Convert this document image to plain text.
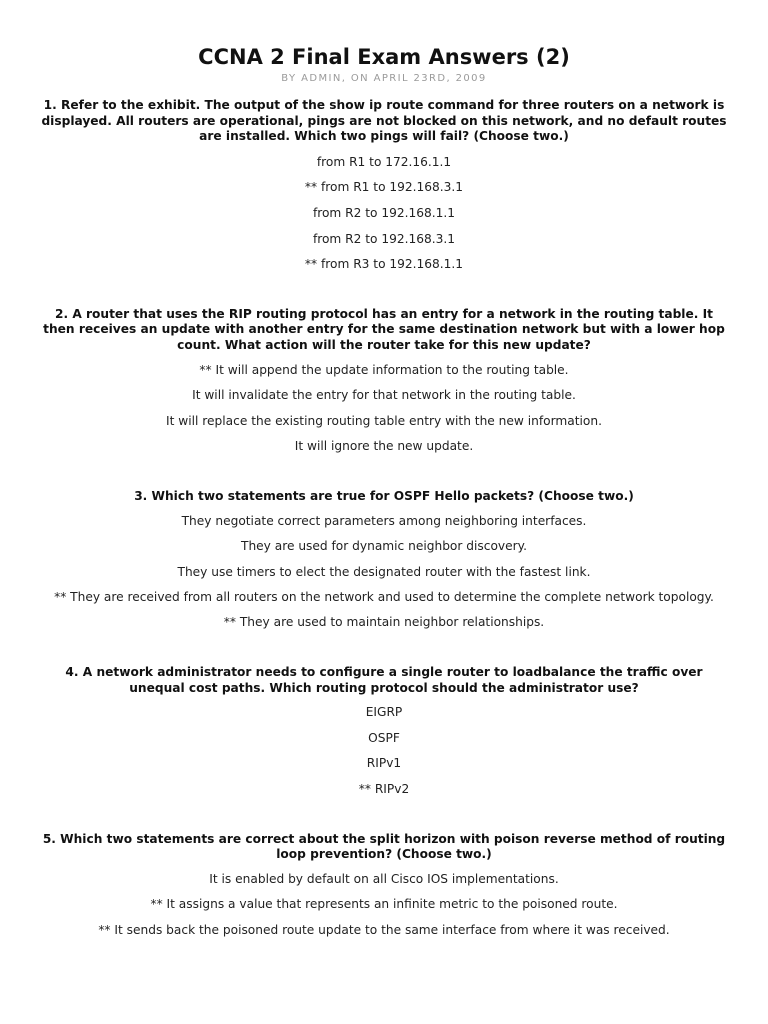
CCNA 2 Final Exam Answers (2)

BY ADMIN, ON APRIL 23RD, 2009

1. Refer to the exhibit. The output of the show ip route command for three routers on a network is displayed. All routers are operational, pings are not blocked on this network, and no default routes are installed. Which two pings will fail? (Choose two.)

from R1 to 172.16.1.1
** from R1 to 192.168.3.1
from R2 to 192.168.1.1
from R2 to 192.168.3.1
** from R3 to 192.168.1.1

2. A router that uses the RIP routing protocol has an entry for a network in the routing table. It then receives an update with another entry for the same destination network but with a lower hop count. What action will the router take for this new update?

** It will append the update information to the routing table.
It will invalidate the entry for that network in the routing table.
It will replace the existing routing table entry with the new information.
It will ignore the new update.

3. Which two statements are true for OSPF Hello packets? (Choose two.)

They negotiate correct parameters among neighboring interfaces.
They are used for dynamic neighbor discovery.
They use timers to elect the designated router with the fastest link.
** They are received from all routers on the network and used to determine the complete network topology.
** They are used to maintain neighbor relationships.

4. A network administrator needs to configure a single router to loadbalance the traffic over unequal cost paths. Which routing protocol should the administrator use?

EIGRP
OSPF
RIPv1
** RIPv2

5. Which two statements are correct about the split horizon with poison reverse method of routing loop prevention? (Choose two.)

It is enabled by default on all Cisco IOS implementations.
** It assigns a value that represents an infinite metric to the poisoned route.
** It sends back the poisoned route update to the same interface from where it was received.
